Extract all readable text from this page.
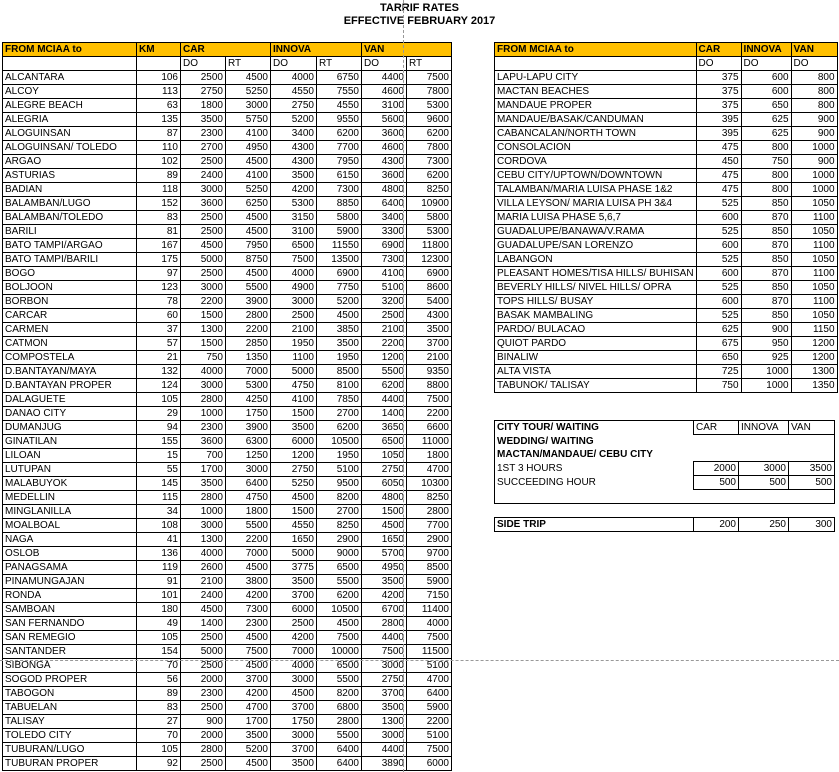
TARRIF RATES
EFFECTIVE FEBRUARY 2017
FROM MCIAA to	KM	CAR		INNOVA		VAN	
		DO	RT	DO	RT	DO	RT
ALCANTARA	106	2500	4500	4000	6750	4400	7500
ALCOY	113	2750	5250	4550	7550	4600	7800
ALEGRE BEACH	63	1800	3000	2750	4550	3100	5300
ALEGRIA	135	3500	5750	5200	9550	5600	9600
ALOGUINSAN	87	2300	4100	3400	6200	3600	6200
ALOGUINSAN/ TOLEDO	110	2700	4950	4300	7700	4600	7800
ARGAO	102	2500	4500	4300	7950	4300	7300
ASTURIAS	89	2400	4100	3500	6150	3600	6200
BADIAN	118	3000	5250	4200	7300	4800	8250
BALAMBAN/LUGO	152	3600	6250	5300	8850	6400	10900
BALAMBAN/TOLEDO	83	2500	4500	3150	5800	3400	5800
BARILI	81	2500	4500	3100	5900	3300	5300
BATO TAMPI/ARGAO	167	4500	7950	6500	11550	6900	11800
BATO TAMPI/BARILI	175	5000	8750	7500	13500	7300	12300
BOGO	97	2500	4500	4000	6900	4100	6900
BOLJOON	123	3000	5500	4900	7750	5100	8600
BORBON	78	2200	3900	3000	5200	3200	5400
CARCAR	60	1500	2800	2500	4500	2500	4300
CARMEN	37	1300	2200	2100	3850	2100	3500
CATMON	57	1500	2850	1950	3500	2200	3700
COMPOSTELA	21	750	1350	1100	1950	1200	2100
D.BANTAYAN/MAYA	132	4000	7000	5000	8500	5500	9350
D.BANTAYAN PROPER	124	3000	5300	4750	8100	6200	8800
DALAGUETE	105	2800	4250	4100	7850	4400	7500
DANAO CITY	29	1000	1750	1500	2700	1400	2200
DUMANJUG	94	2300	3900	3500	6200	3650	6600
GINATILAN	155	3600	6300	6000	10500	6500	11000
LILOAN	15	700	1250	1200	1950	1050	1800
LUTUPAN	55	1700	3000	2750	5100	2750	4700
MALABUYOK	145	3500	6400	5250	9500	6050	10300
MEDELLIN	115	2800	4750	4500	8200	4800	8250
MINGLANILLA	34	1000	1800	1500	2700	1500	2800
MOALBOAL	108	3000	5500	4550	8250	4500	7700
NAGA	41	1300	2200	1650	2900	1650	2900
OSLOB	136	4000	7000	5000	9000	5700	9700
PANAGSAMA	119	2600	4500	3775	6500	4950	8500
PINAMUNGAJAN	91	2100	3800	3500	5500	3500	5900
RONDA	101	2400	4200	3700	6200	4200	7150
SAMBOAN	180	4500	7300	6000	10500	6700	11400
SAN FERNANDO	49	1400	2300	2500	4500	2800	4000
SAN REMEGIO	105	2500	4500	4200	7500	4400	7500
SANTANDER	154	5000	7500	7000	10000	7500	11500
SIBONGA	70	2500	4500	4000	6500	3000	5100
SOGOD PROPER	56	2000	3700	3000	5500	2750	4700
TABOGON	89	2300	4200	4500	8200	3700	6400
TABUELAN	83	2500	4700	3700	6800	3500	5900
TALISAY	27	900	1700	1750	2800	1300	2200
TOLEDO CITY	70	2000	3500	3000	5500	3000	5100
TUBURAN/LUGO	105	2800	5200	3700	6400	4400	7500
TUBURAN PROPER	92	2500	4500	3500	6400	3890	6000
FROM MCIAA to	CAR	INNOVA	VAN
	DO	DO	DO
LAPU-LAPU CITY	375	600	800
MACTAN BEACHES	375	600	800
MANDAUE PROPER	375	650	800
MANDAUE/BASAK/CANDUMAN	395	625	900
CABANCALAN/NORTH TOWN	395	625	900
CONSOLACION	475	800	1000
CORDOVA	450	750	900
CEBU CITY/UPTOWN/DOWNTOWN	475	800	1000
TALAMBAN/MARIA LUISA PHASE 1&2	475	800	1000
VILLA LEYSON/ MARIA LUISA PH 3&4	525	850	1050
MARIA LUISA PHASE 5,6,7	600	870	1100
GUADALUPE/BANAWA/V.RAMA	525	850	1050
GUADALUPE/SAN LORENZO	600	870	1100
LABANGON	525	850	1050
PLEASANT HOMES/TISA HILLS/ BUHISAN	600	870	1100
BEVERLY HILLS/ NIVEL HILLS/ OPRA	525	850	1050
TOPS HILLS/ BUSAY	600	870	1100
BASAK MAMBALING	525	850	1050
PARDO/ BULACAO	625	900	1150
QUIOT PARDO	675	950	1200
BINALIW	650	925	1200
ALTA VISTA	725	1000	1300
TABUNOK/ TALISAY	750	1000	1350
CITY TOUR/ WAITING	CAR	INNOVA	VAN
WEDDING/ WAITING			
MACTAN/MANDAUE/ CEBU CITY			
1ST 3 HOURS	2000	3000	3500
SUCCEEDING HOUR	500	500	500

SIDE TRIP	200	250	300
